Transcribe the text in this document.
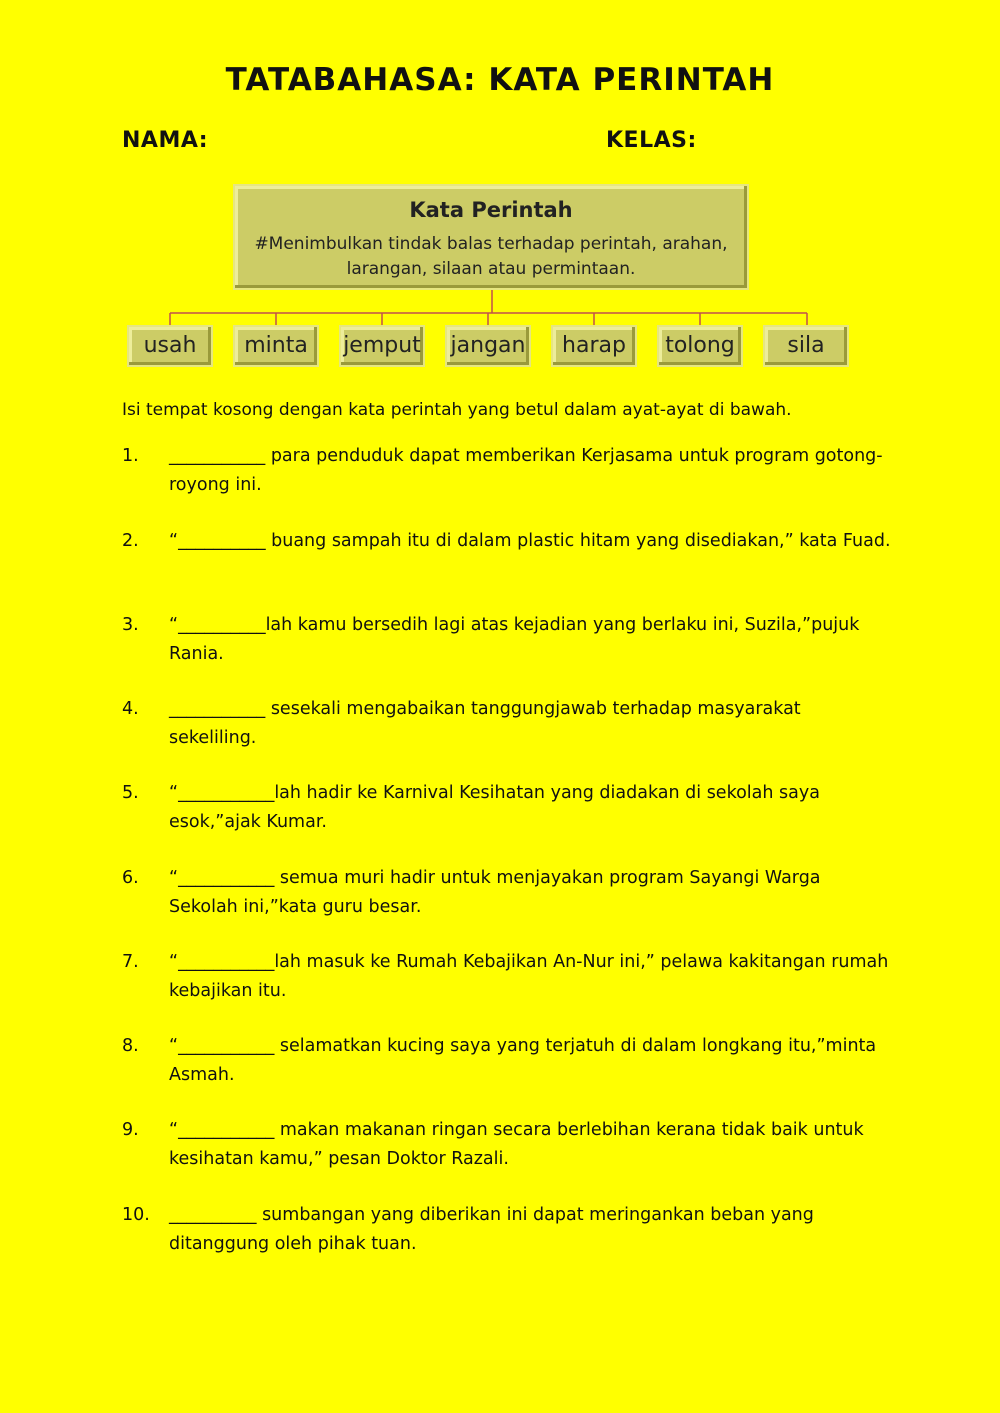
TATABAHASA: KATA PERINTAH
NAMA:	KELAS:
Kata Perintah
#Menimbulkan tindak balas terhadap perintah, arahan, larangan, silaan atau permintaan.
usah	minta	jemput jangan	harap	tolong	sila
Isi tempat kosong dengan kata perintah yang betul dalam ayat-ayat di bawah.
1. ___________ para penduduk dapat memberikan Kerjasama untuk program gotong-royong ini.
2. “__________ buang sampah itu di dalam plastic hitam yang disediakan,” kata Fuad.
3. “__________lah kamu bersedih lagi atas kejadian yang berlaku ini, Suzila,”pujuk Rania.
4. ___________ sesekali mengabaikan tanggungjawab terhadap masyarakat sekeliling.
5. “___________lah hadir ke Karnival Kesihatan yang diadakan di sekolah saya esok,”ajak Kumar.
6. “___________ semua muri hadir untuk menjayakan program Sayangi Warga Sekolah ini,”kata guru besar.
7. “___________lah masuk ke Rumah Kebajikan An-Nur ini,” pelawa kakitangan rumah kebajikan itu.
8. “___________ selamatkan kucing saya yang terjatuh di dalam longkang itu,”minta Asmah.
9. “___________ makan makanan ringan secara berlebihan kerana tidak baik untuk kesihatan kamu,” pesan Doktor Razali.
10. __________ sumbangan yang diberikan ini dapat meringankan beban yang ditanggung oleh pihak tuan.
